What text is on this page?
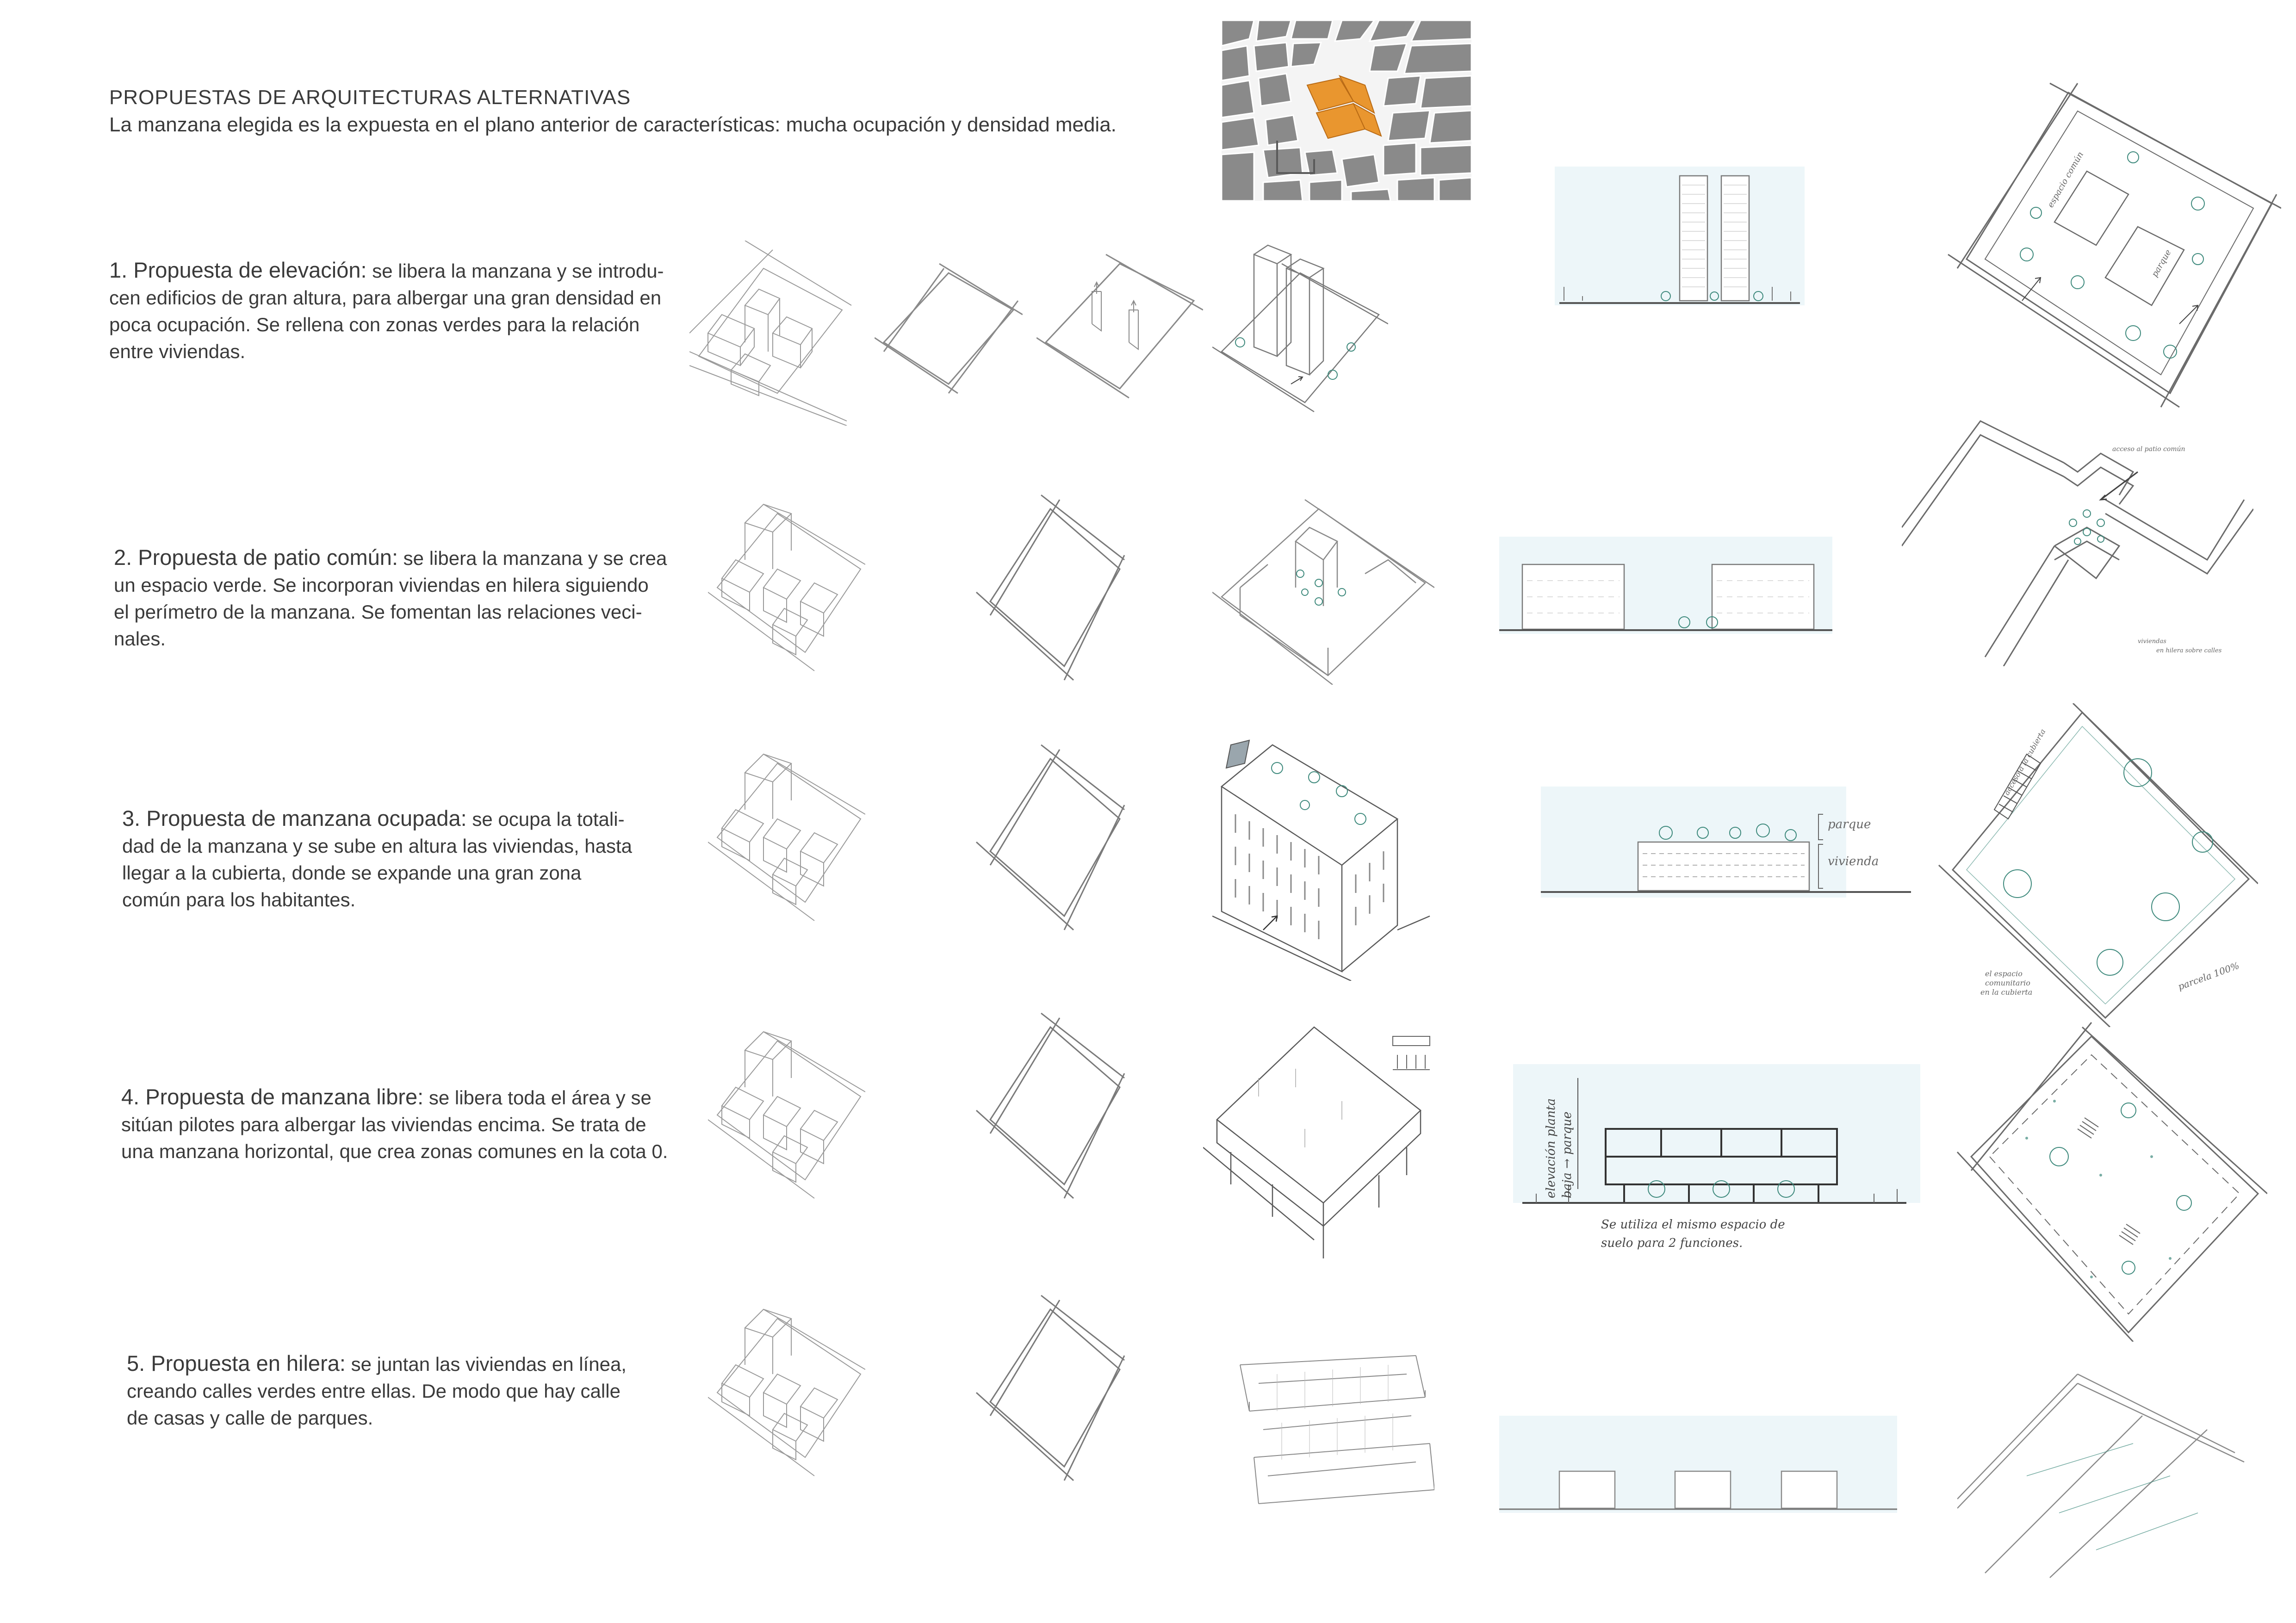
PROPUESTAS DE ARQUITECTURAS ALTERNATIVAS
La manzana elegida es la expuesta en el plano anterior de características: mucha ocupación y densidad media.
1. Propuesta de elevación: se libera la manzana y se introdu-
cen edificios de gran altura, para albergar una gran densidad en
poca ocupación. Se rellena con zonas verdes para la relación
entre viviendas.
2. Propuesta de patio común: se libera la manzana y se crea
un espacio verde. Se incorporan viviendas en hilera siguiendo
el perímetro de la manzana. Se fomentan las relaciones veci-
nales.
3. Propuesta de manzana ocupada: se ocupa la totali-
dad de la manzana y se sube en altura las viviendas, hasta
llegar a la cubierta, donde se expande una gran zona
común para los habitantes.
4. Propuesta de manzana libre: se libera toda el área y se
sitúan pilotes para albergar las viviendas encima. Se trata de
una manzana horizontal, que crea zonas comunes en la cota 0.
5. Propuesta en hilera: se juntan las viviendas en línea,
creando calles verdes entre ellas. De modo que hay calle
de casas y calle de parques.
espacio común
parque
acceso al patio común
viviendas
en hilera sobre calles
parque
vivienda
acceso a la cubierta
parcela 100%
el espacio
comunitario
en la cubierta
elevación planta baja → parque
Se utiliza el mismo espacio de
suelo para 2 funciones.
